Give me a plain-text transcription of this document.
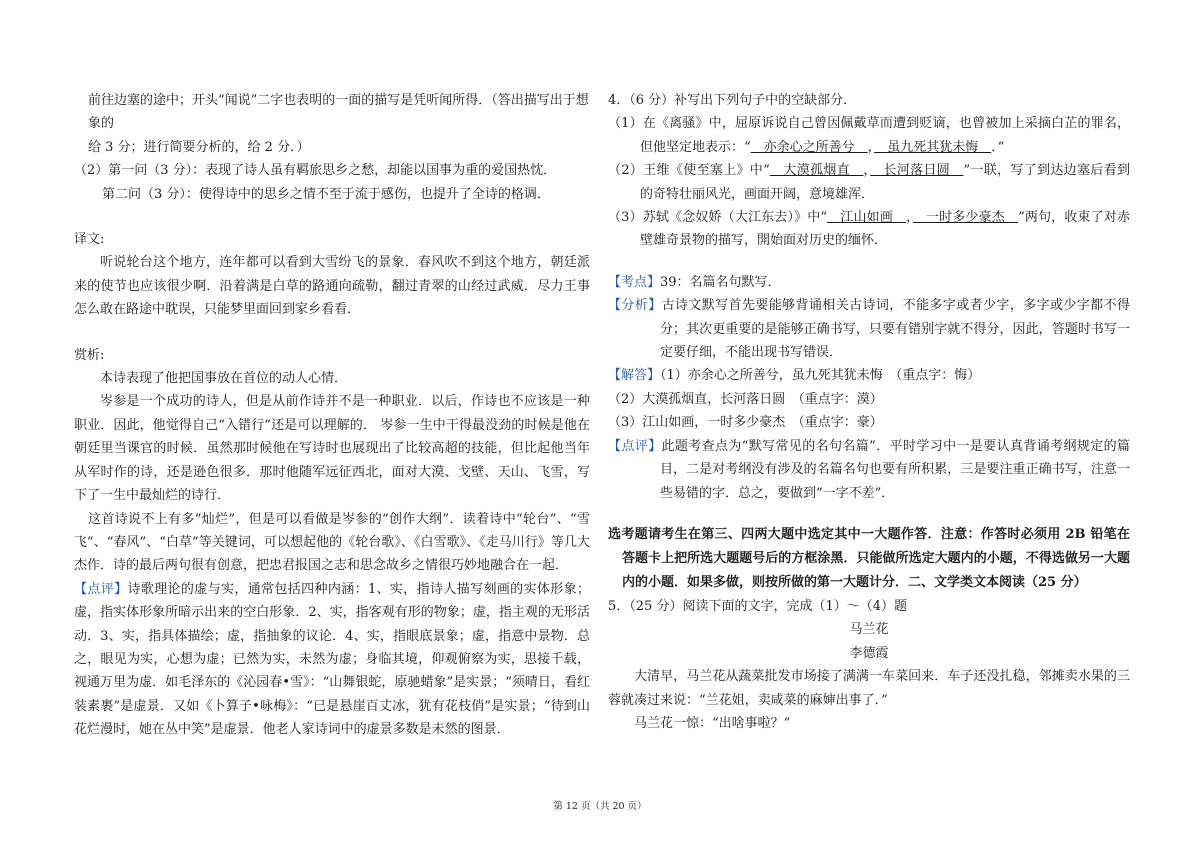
前往边塞的途中；开头“闻说”二字也表明的一面的描写是凭听闻所得．（答出描写出于想象的

给 3 分；进行简要分析的，给 2 分．）

（2）第一问（3 分）：表现了诗人虽有羁旅思乡之愁，却能以国事为重的爱国热忱．

第二问（3 分）：使得诗中的思乡之情不至于流于感伤，也提升了全诗的格调．

译文:

听说轮台这个地方，连年都可以看到大雪纷飞的景象．春风吹不到这个地方，朝廷派来的使节也应该很少啊．沿着满是白草的路通向疏勒，翻过青翠的山经过武威．尽力王事怎么敢在路途中耽误，只能梦里面回到家乡看看．

赏析:

本诗表现了他把国事放在首位的动人心情．

岑参是一个成功的诗人，但是从前作诗并不是一种职业．以后，作诗也不应该是一种职业．因此，他觉得自己“入错行”还是可以理解的． 岑参一生中干得最没劲的时候是他在朝廷里当课官的时候．虽然那时候他在写诗时也展现出了比较高超的技能，但比起他当年从军时作的诗，还是逊色很多．那时他随军远征西北，面对大漠、戈壁、天山、飞雪，写下了一生中最灿烂的诗行．

这首诗说不上有多“灿烂”，但是可以看做是岑参的“创作大纲”．读着诗中“轮台”、“雪飞”、“春风”、“白草”等关键词，可以想起他的《轮台歌》、《白雪歌》、《走马川行》等几大杰作．诗的最后两句很有创意，把忠君报国之志和思念故乡之情很巧妙地融合在一起．

【点评】诗歌理论的虚与实，通常包括四种内涵：1、实，指诗人描写刻画的实体形象；虚，指实体形象所暗示出来的空白形象．2、实，指客观有形的物象；虚，指主观的无形活动．3、实，指具体描绘；虚，指抽象的议论．4、实，指眼底景象；虚，指意中景物．总之，眼见为实，心想为虚；已然为实，未然为虚；身临其境，仰观俯察为实，思接千载，视通万里为虚．如毛泽东的《沁园春•雪》：“山舞银蛇，原驰蜡象”是实景；“须晴日，看红装素裹”是虚景．又如《卜算子•咏梅》：“已是悬崖百丈冰，犹有花枝俏”是实景；“待到山花烂漫时，她在丛中笑”是虚景．他老人家诗词中的虚景多数是未然的图景．

4．（6 分）补写出下列句子中的空缺部分．

（1）在《离骚》中，屈原诉说自己曾因佩戴草而遭到贬谪，也曾被加上采摘白芷的罪名，但他坚定地表示：“　亦余心之所善兮　，　虽九死其犹未悔　．”

（2）王维《使至塞上》中“　大漠孤烟直　，　长河落日圆　”一联，写了到达边塞后看到的奇特壮丽风光，画面开阔，意境雄浑．

（3）苏轼《念奴娇（大江东去）》中“　江山如画　，　一时多少豪杰　”两句，收束了对赤壁雄奇景物的描写，開始面对历史的缅怀．

【考点】39：名篇名句默写．

【分析】古诗文默写首先要能够背诵相关古诗词，不能多字或者少字，多字或少字都不得分；其次更重要的是能够正确书写，只要有错别字就不得分，因此，答题时书写一定要仔细，不能出现书写错误．

【解答】（1）亦余心之所善兮，虽九死其犹未悔　（重点字：悔）

（2）大漠孤烟直，长河落日圆　（重点字：漠）

（3）江山如画，一时多少豪杰　（重点字：豪）

【点评】此题考查点为“默写常见的名句名篇”．平时学习中一是要认真背诵考纲规定的篇目，二是对考纲没有涉及的名篇名句也要有所积累，三是要注重正确书写，注意一些易错的字．总之，要做到“一字不差”．

选考题请考生在第三、四两大题中选定其中一大题作答．注意：作答时必须用 2B 铅笔在答题卡上把所选大题题号后的方框涂黑．只能做所选定大题内的小题，不得选做另一大题内的小题．如果多做，则按所做的第一大题计分．二、文学类文本阅读（25 分）

5．（25 分）阅读下面的文字，完成（1）～（4）题

马兰花

李德霞

大清早，马兰花从蔬菜批发市场接了满满一车菜回来．车子还没扎稳，邻摊卖水果的三蓉就凑过来说：“兰花姐，卖咸菜的麻婶出事了．”

马兰花一惊：“出啥事啦？”

第 12 页（共 20 页）
